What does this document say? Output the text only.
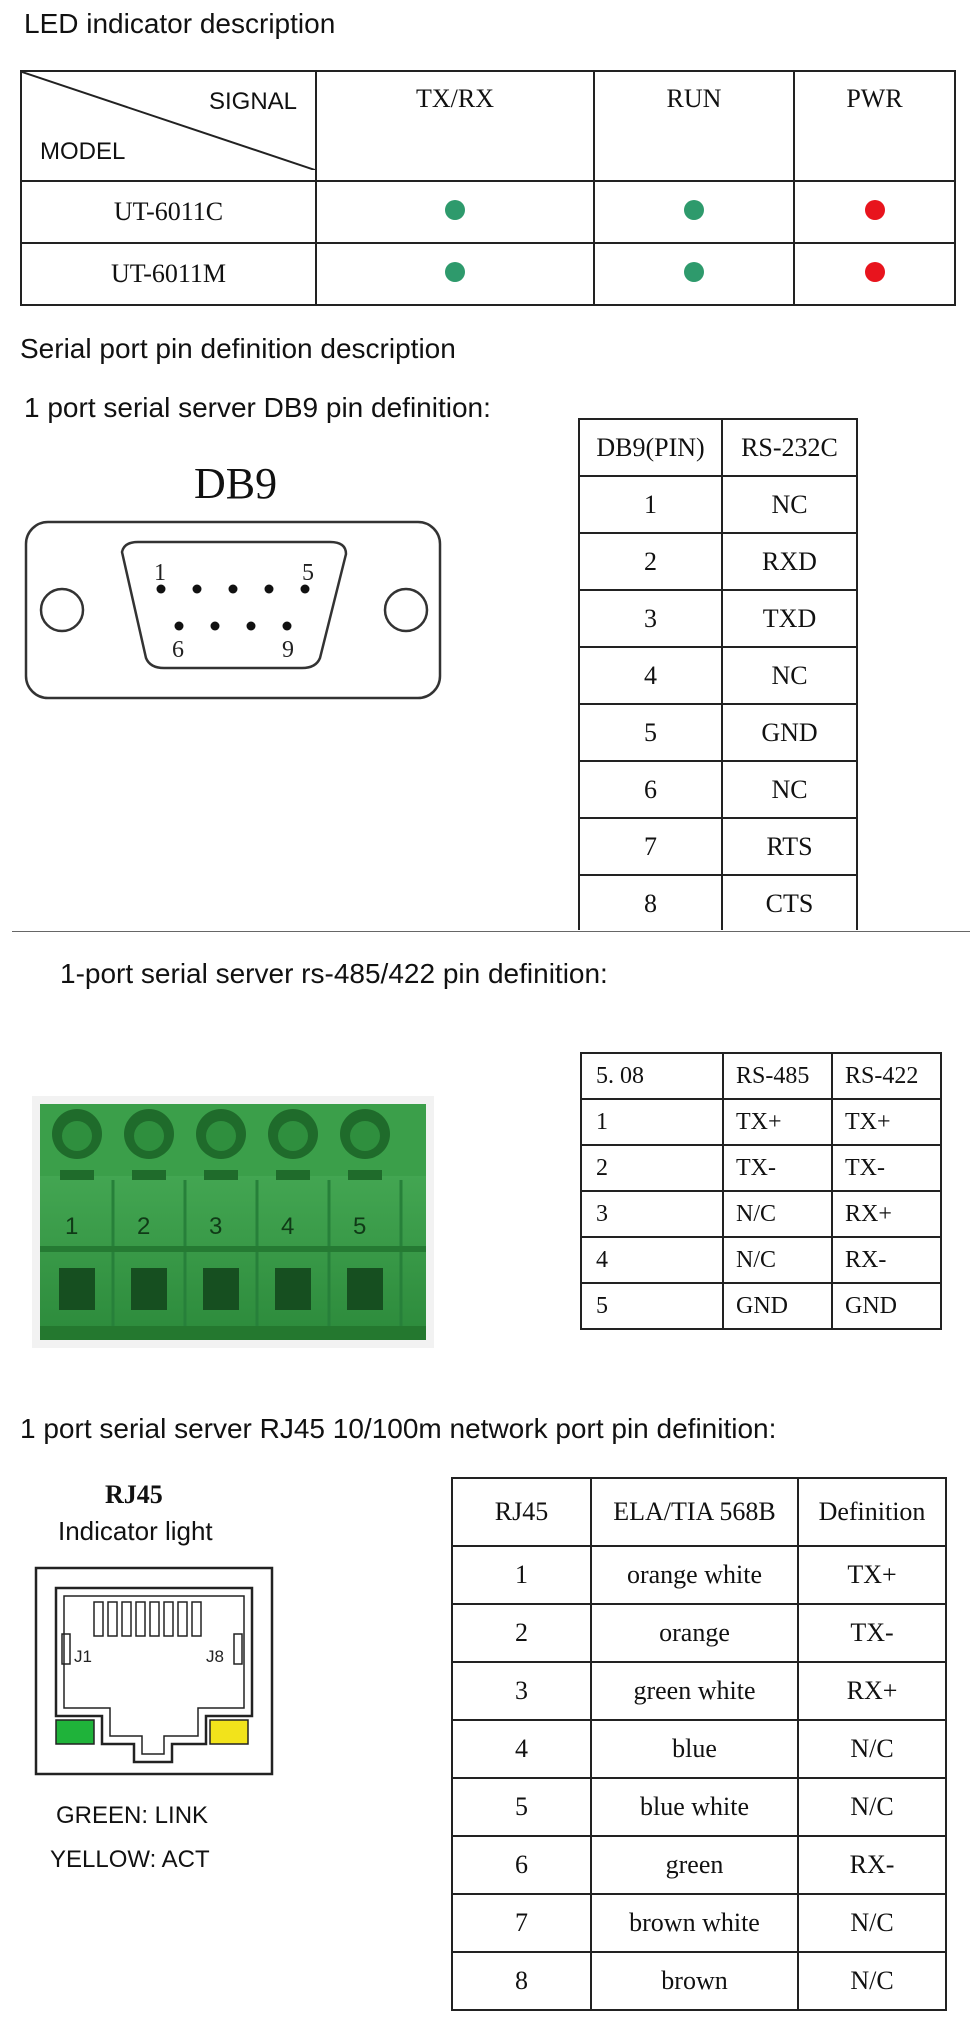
LED indicator description
SIGNAL
MODEL	TX/RX	RUN	PWR
UT-6011C			
UT-6011M			
Serial port pin definition description
1 port serial server DB9 pin definition:
DB9
1	5
6	9
DB9(PIN)	RS-232C
1	NC
2	RXD
3	TXD
4	NC
5	GND
6	NC
7	RTS
8	CTS
1-port serial server rs-485/422 pin definition:
1 2 3 4 5
5. 08	RS-485	RS-422
1	TX+	TX+
2	TX-	TX-
3	N/C	RX+
4	N/C	RX-
5	GND	GND
1 port serial server RJ45 10/100m network port pin definition:
RJ45
Indicator light
J1	J8
GREEN: LINK
YELLOW: ACT
RJ45	ELA/TIA 568B	Definition
1	orange white	TX+
2	orange	TX-
3	green white	RX+
4	blue	N/C
5	blue white	N/C
6	green	RX-
7	brown white	N/C
8	brown	N/C
